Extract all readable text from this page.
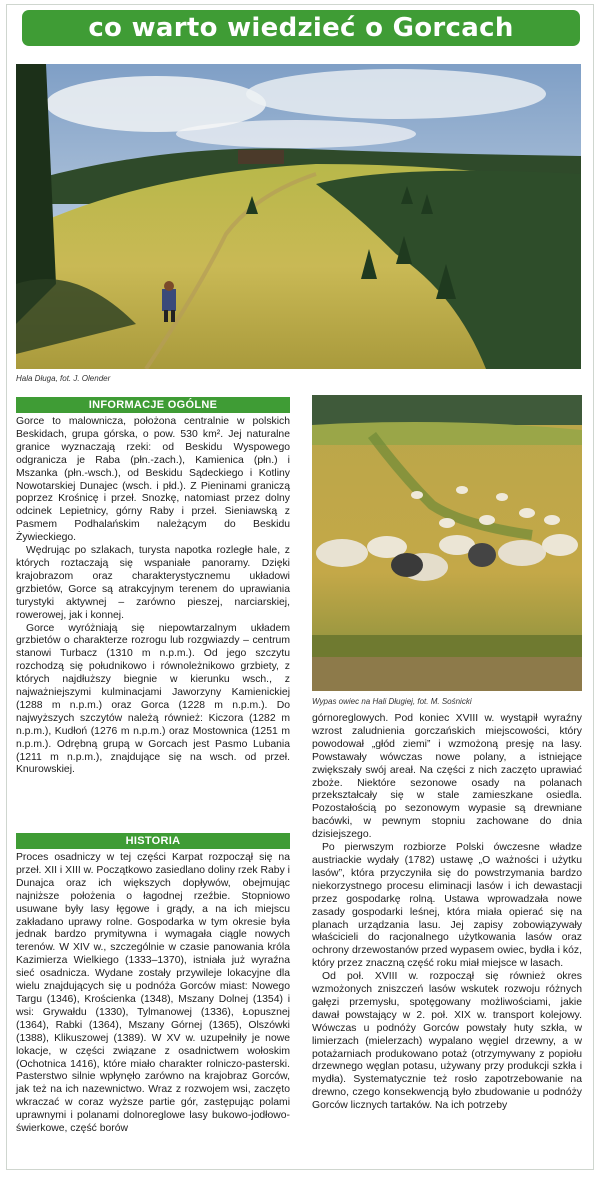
co warto wiedzieć o Gorcach
Hala Długa, fot. J. Olender
Wypas owiec na Hali Długiej, fot. M. Sośnicki
INFORMACJE OGÓLNE

Gorce to malownicza, położona centralnie w polskich Beskidach, grupa górska, o pow. 530 km². Jej naturalne granice wyznaczają rzeki: od Beskidu Wyspowego odgranicza je Raba (płn.-zach.), Kamienica (płn.) i Mszanka (płn.-wsch.), od Beskidu Sądeckiego i Kotliny Nowotarskiej Dunajec (wsch. i płd.). Z Pieninami graniczą poprzez Krośnicę i przeł. Snozkę, natomiast przez dolny odcinek Lepietnicy, górny Raby i przeł. Sieniawską z Pasmem Podhalańskim należącym do Beskidu Żywieckiego.

Wędrując po szlakach, turysta napotka rozległe hale, z których roztaczają się wspaniałe panoramy. Dzięki krajobrazom oraz charakterystycznemu układowi grzbietów, Gorce są atrakcyjnym terenem do uprawiania turystyki aktywnej – zarówno pieszej, narciarskiej, rowerowej, jak i konnej.

Gorce wyróżniają się niepowtarzalnym układem grzbietów o charakterze rozrogu lub rozgwiazdy – centrum stanowi Turbacz (1310 m n.p.m.). Od jego szczytu rozchodzą się południkowo i równoleżnikowo grzbiety, z których najdłuższy biegnie w kierunku wsch., z najważniejszymi kulminacjami Jaworzyny Kamienickiej (1288 m n.p.m.) oraz Gorca (1228 m n.p.m.). Do najwyższych szczytów należą również: Kiczora (1282 m n.p.m.), Kudłoń (1276 m n.p.m.) oraz Mostownica (1251 m n.p.m.). Odrębną grupą w Gorcach jest Pasmo Lubania (1211 m n.p.m.), znajdujące się na wsch. od przeł. Knurowskiej.

HISTORIA

Proces osadniczy w tej części Karpat rozpoczął się na przeł. XII i XIII w. Początkowo zasiedlano doliny rzek Raby i Dunajca oraz ich większych dopływów, obejmując najniższe położenia o łagodnej rzeźbie. Stopniowo usuwane były lasy łęgowe i grądy, a na ich miejscu zakładano uprawy rolne. Gospodarka w tym okresie była jednak bardzo prymitywna i wymagała ciągle nowych terenów. W XIV w., szczególnie w czasie panowania króla Kazimierza Wielkiego (1333–1370), istniała już wyraźna sieć osadnicza. Wydane zostały przywileje lokacyjne dla wielu znajdujących się u podnóża Gorców miast: Nowego Targu (1346), Krościenka (1348), Mszany Dolnej (1354) i wsi: Grywałdu (1330), Tylmanowej (1336), Łopusznej (1364), Rabki (1364), Mszany Górnej (1365), Olszówki (1388), Klikuszowej (1389). W XV w. uzupełniły je nowe lokacje, w części związane z osadnictwem wołoskim (Ochotnica 1416), które miało charakter rolniczo-pasterski. Pasterstwo silnie wpłynęło zarówno na krajobraz Gorców, jak też na ich nazewnictwo. Wraz z rozwojem wsi, zaczęto wkraczać w coraz wyższe partie gór, zastępując polami uprawnymi i polanami dolnoreglowe lasy bukowo-jodłowo-świerkowe, część borów

górnoreglowych. Pod koniec XVIII w. wystąpił wyraźny wzrost zaludnienia gorczańskich miejscowości, który powodował „głód ziemi” i wzmożoną presję na lasy. Powstawały wówczas nowe polany, a istniejące zwiększały swój areał. Na części z nich zaczęto uprawiać zboże. Niektóre sezonowe osady na polanach przekształcały się w stale zamieszkane osiedla. Pozostałością po sezonowym wypasie są drewniane bacówki, w pewnym stopniu zachowane do dnia dzisiejszego.

Po pierwszym rozbiorze Polski ówczesne władze austriackie wydały (1782) ustawę „O ważności i użytku lasów”, która przyczyniła się do powstrzymania bardzo niekorzystnego procesu eliminacji lasów i ich dewastacji przez gospodarkę rolną. Ustawa wprowadzała nowe zasady gospodarki leśnej, która miała opierać się na planach urządzania lasu. Jej zapisy zobowiązywały właścicieli do racjonalnego użytkowania lasów oraz ochrony drzewostanów przed wypasem owiec, bydła i kóz, który przez znaczną część roku miał miejsce w lasach.

Od poł. XVIII w. rozpoczął się również okres wzmożonych zniszczeń lasów wskutek rozwoju różnych gałęzi przemysłu, spotęgowany możliwościami, jakie dawał powstający w 2. poł. XIX w. transport kolejowy. Wówczas u podnóży Gorców powstały huty szkła, w limierzach (mielerzach) wypalano węgiel drzewny, a w potażarniach produkowano potaż (otrzymywany z popiołu drzewnego węglan potasu, używany przy produkcji szkła i mydła). Systematycznie też rosło zapotrzebowanie na drewno, czego konsekwencją było zbudowanie u podnóży Gorców licznych tartaków. Na ich potrzeby
